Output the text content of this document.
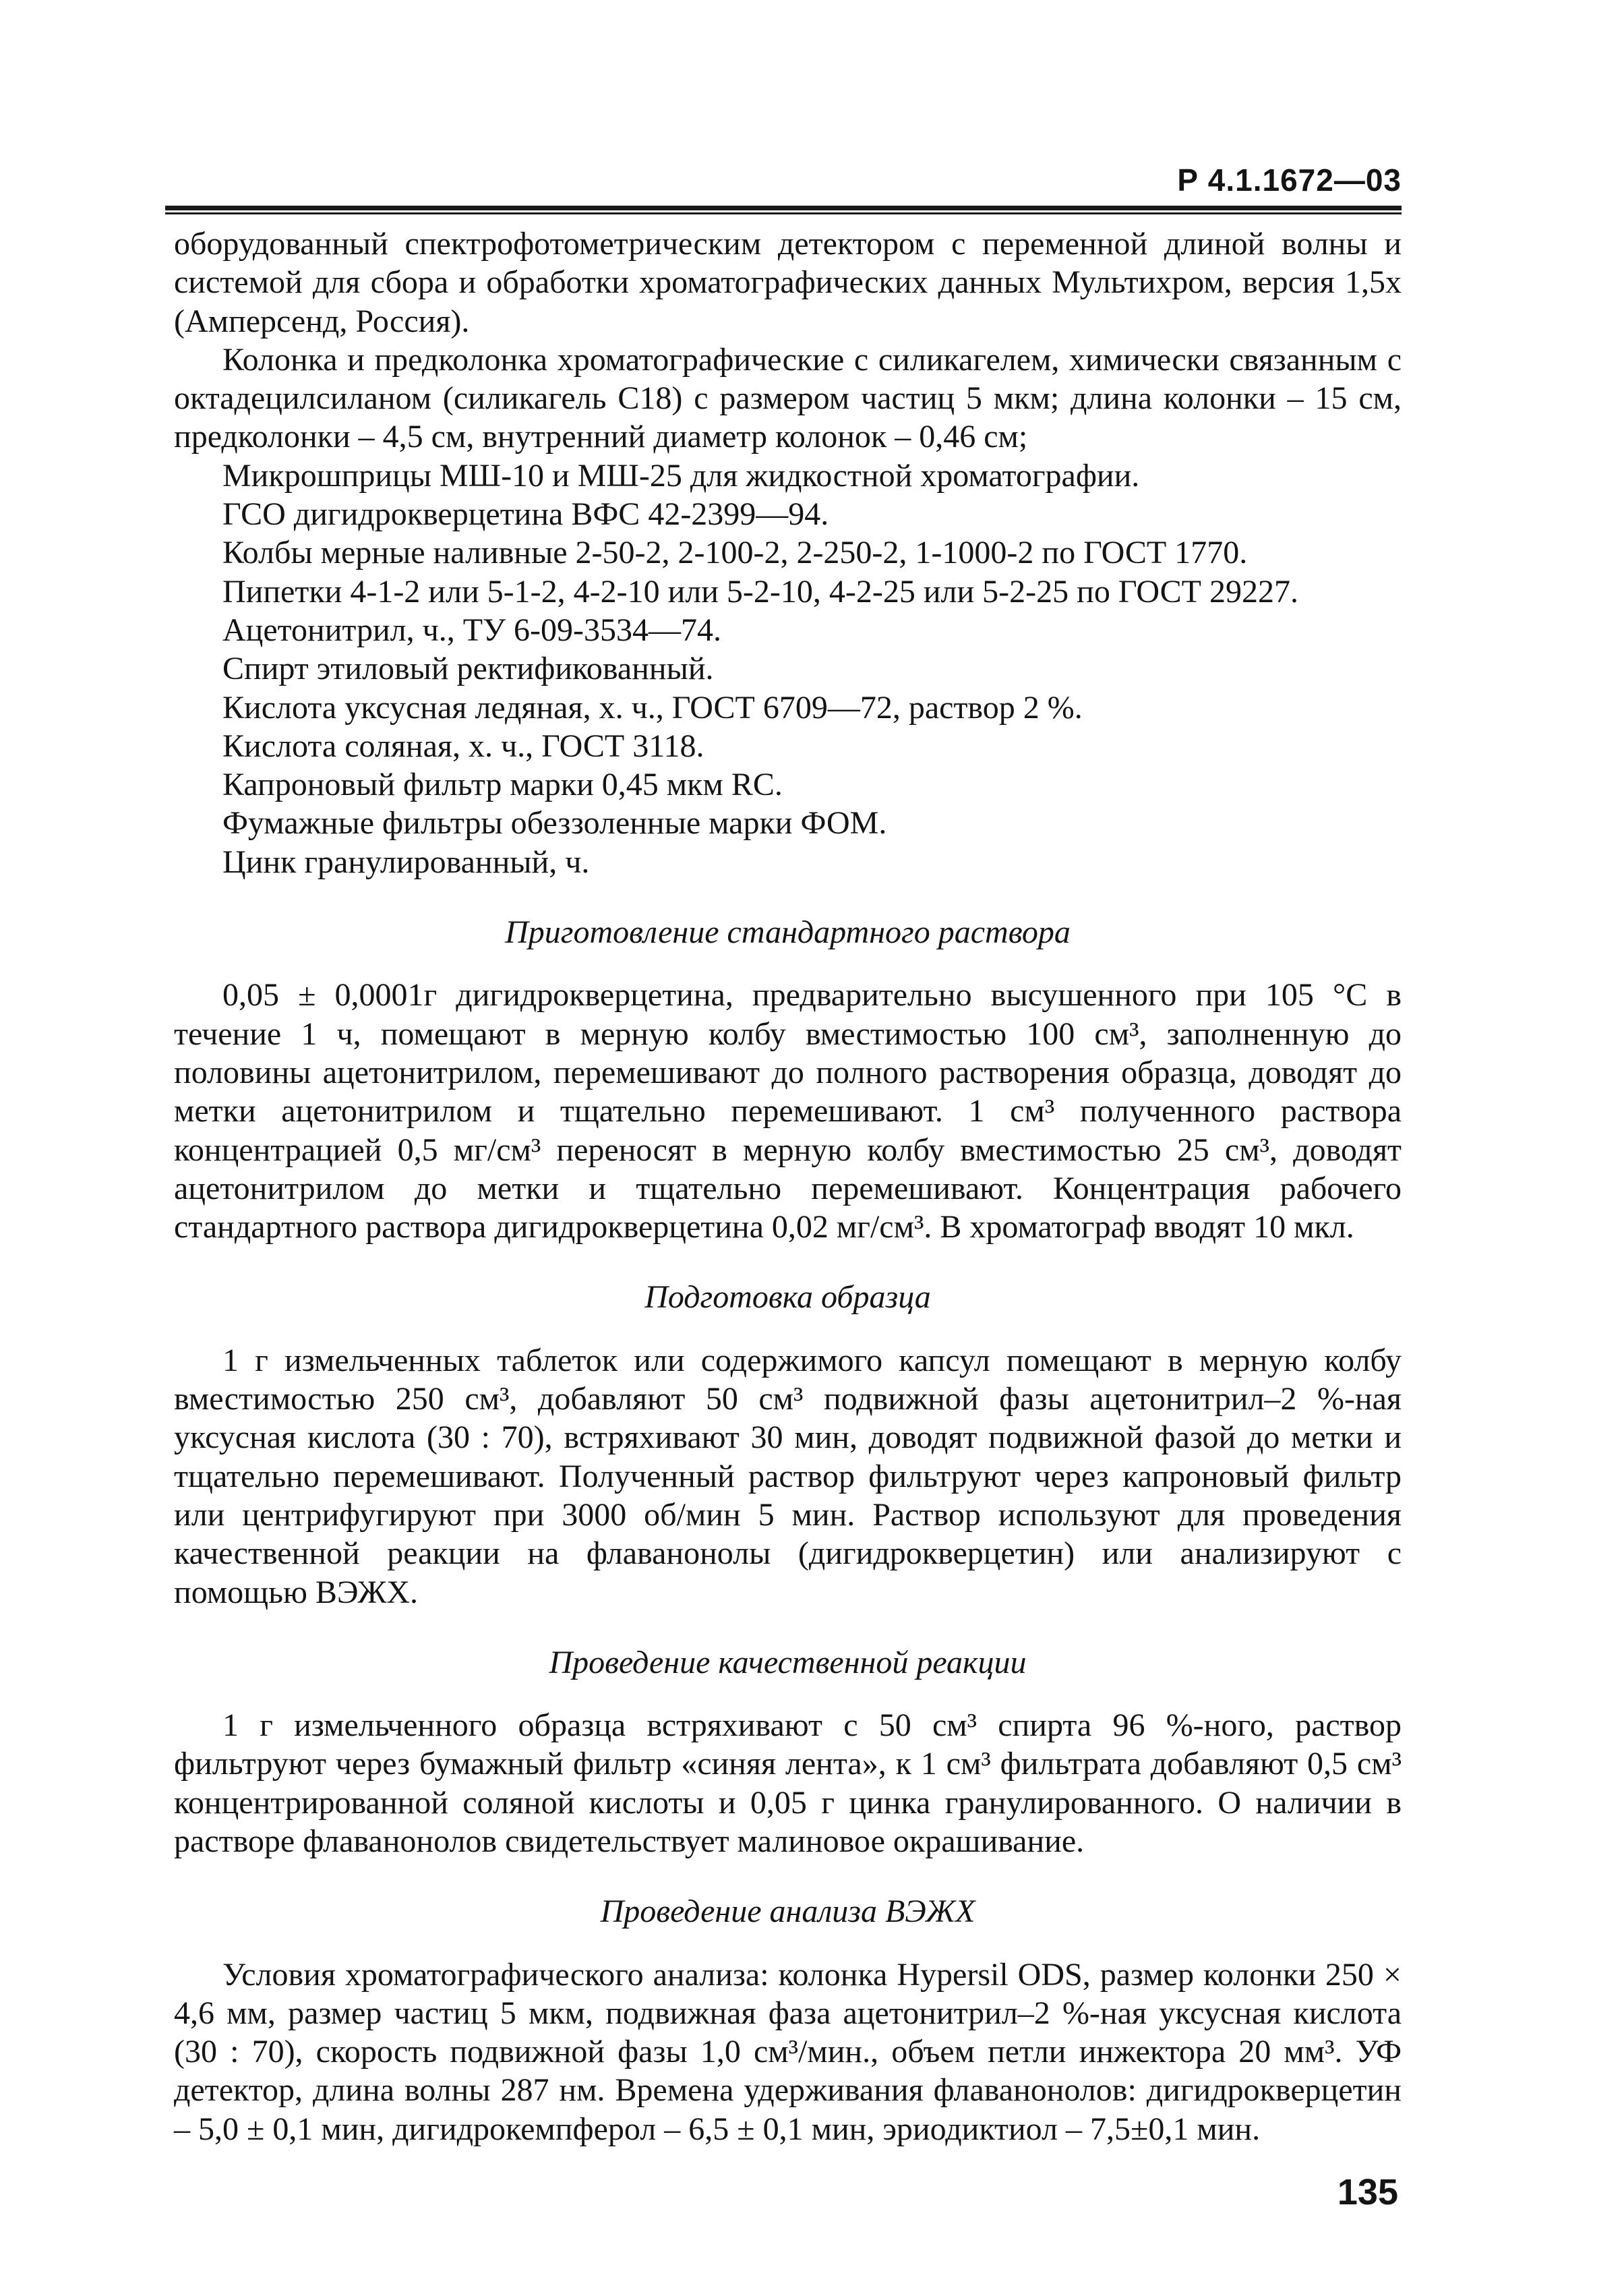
Р 4.1.1672—03

оборудованный спектрофотометрическим детектором с переменной длиной волны и системой для сбора и обработки хроматографических данных Мультихром, версия 1,5х (Амперсенд, Россия).

Колонка и предколонка хроматографические с силикагелем, химически связанным с октадецилсиланом (силикагель С18) с размером частиц 5 мкм; длина колонки – 15 см, предколонки – 4,5 см, внутренний диаметр колонок – 0,46 см;

Микрошприцы МШ-10 и МШ-25 для жидкостной хроматографии.

ГСО дигидрокверцетина ВФС 42-2399—94.

Колбы мерные наливные 2-50-2, 2-100-2, 2-250-2, 1-1000-2 по ГОСТ 1770.

Пипетки 4-1-2 или 5-1-2, 4-2-10 или 5-2-10, 4-2-25 или 5-2-25 по ГОСТ 29227.

Ацетонитрил, ч., ТУ 6-09-3534—74.

Спирт этиловый ректификованный.

Кислота уксусная ледяная, х. ч., ГОСТ 6709—72, раствор 2 %.

Кислота соляная, х. ч., ГОСТ 3118.

Капроновый фильтр марки 0,45 мкм RC.

Фумажные фильтры обеззоленные марки ФОМ.

Цинк гранулированный, ч.

Приготовление стандартного раствора

0,05 ± 0,0001г дигидрокверцетина, предварительно высушенного при 105 °С в течение 1 ч, помещают в мерную колбу вместимостью 100 см³, заполненную до половины ацетонитрилом, перемешивают до полного растворения образца, доводят до метки ацетонитрилом и тщательно перемешивают. 1 см³ полученного раствора концентрацией 0,5 мг/см³ переносят в мерную колбу вместимостью 25 см³, доводят ацетонитрилом до метки и тщательно перемешивают. Концентрация рабочего стандартного раствора дигидрокверцетина 0,02 мг/см³. В хроматограф вводят 10 мкл.

Подготовка образца

1 г измельченных таблеток или содержимого капсул помещают в мерную колбу вместимостью 250 см³, добавляют 50 см³ подвижной фазы ацетонитрил–2 %-ная уксусная кислота (30 : 70), встряхивают 30 мин, доводят подвижной фазой до метки и тщательно перемешивают. Полученный раствор фильтруют через капроновый фильтр или центрифугируют при 3000 об/мин 5 мин. Раствор используют для проведения качественной реакции на флаванонолы (дигидрокверцетин) или анализируют с помощью ВЭЖХ.

Проведение качественной реакции

1 г измельченного образца встряхивают с 50 см³ спирта 96 %-ного, раствор фильтруют через бумажный фильтр «синяя лента», к 1 см³ фильтрата добавляют 0,5 см³ концентрированной соляной кислоты и 0,05 г цинка гранулированного. О наличии в растворе флаванонолов свидетельствует малиновое окрашивание.

Проведение анализа ВЭЖХ

Условия хроматографического анализа: колонка Hypersil ODS, размер колонки 250 × 4,6 мм, размер частиц 5 мкм, подвижная фаза ацетонитрил–2 %-ная уксусная кислота (30 : 70), скорость подвижной фазы 1,0 см³/мин., объем петли инжектора 20 мм³. УФ детектор, длина волны 287 нм. Времена удерживания флаванонолов: дигидрокверцетин – 5,0 ± 0,1 мин, дигидрокемпферол – 6,5 ± 0,1 мин, эриодиктиол – 7,5±0,1 мин.

135
